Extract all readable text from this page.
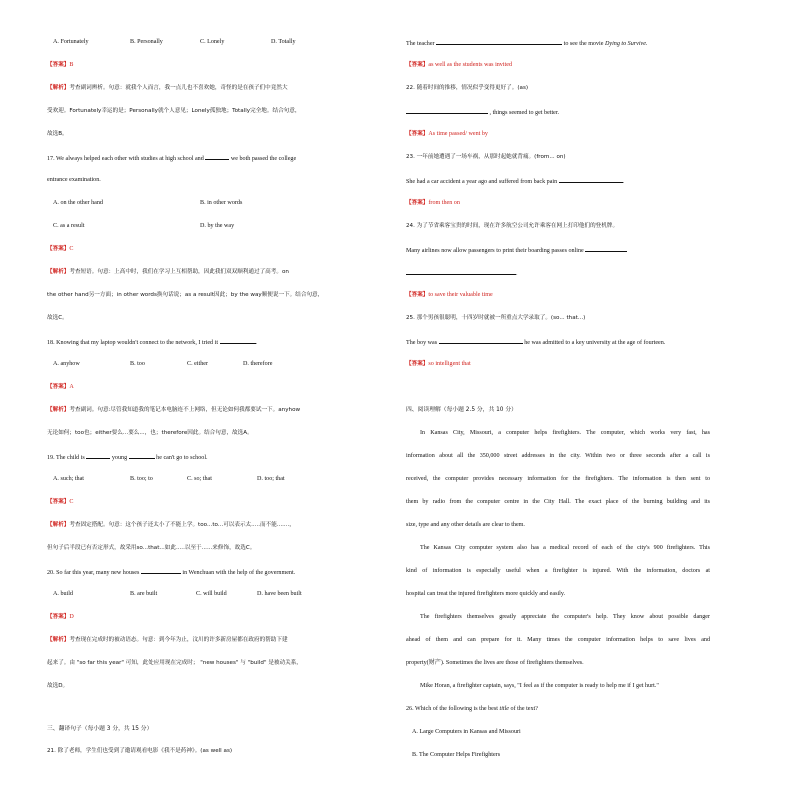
A. Fortunately	B. Personally	C. Lonely	D. Totally
【答案】B
【解析】考查副词辨析。句意：就我个人而言，我一点儿也不喜欢她，奇怪的是在孩子们中竟然大
受欢迎。Fortunately幸运的是；Personally就个人意见；Lonely孤独地；Totally完全地。结合句意，
故选B。
17. We always helped each other with studies at high school and	we both passed the college
entrance examination.
A. on the other hand	B. in other words
C. as a result	D. by the way
【答案】C
【解析】考查短语。句意：上高中时，我们在学习上互相帮助，因此我们双双顺利通过了高考。on
the other hand另一方面；in other words换句话说；as a result因此；by the way顺便说一下。结合句意，
故选C。
18. Knowing that my laptop wouldn't connect to the network, I tried it	.
A. anyhow	B. too	C. either	D. therefore
【答案】A
【解析】考查副词。句意:尽管我知道我的笔记本电脑连不上网络，但无论如何我都要试一下。anyhow
无论如何；too也；either要么...要么...，也；therefore因此。结合句意，故选A。
19. The child is	young	he can't go to school.
A. such; that	B. too; to	C. so; that	D. too; that
【答案】C
【解析】考查固定搭配。句意：这个孩子还太小了不能上学。too...to...可以表示太.....而不能.......，
但句子后半段已有否定形式，故采用so...that...如此.....以至于......来修饰，故选C。
20. So far this year, many new houses	in Wenchuan with the help of the government.
A. build	B. are built	C. will build	D. have been built
【答案】D
【解析】考查现在完成时的被动语态。句意：到今年为止，汶川的许多新房屋都在政府的帮助下建
起来了。由 "so far this year" 可知，此处应用现在完成时； "new houses" 与 "build" 是被动关系，
故选D。
三、翻译句子（每小题 3 分，共 15 分）
21. 除了老师，学生们也受到了邀请观看电影《我不是药神》。(as well as)
The teacher	to see the movie Dying to Survive.
【答案】as well as the students was invited
22. 随着时间的推移，情况似乎变得更好了。(as)
, things seemed to get better.
【答案】As time passed/ went by
23. 一年前她遭遇了一场车祸，从那时起她就背痛。(from... on)
She had a car accident a year ago and suffered from back pain	.
【答案】from then on
24. 为了节省乘客宝贵的时间，现在许多航空公司允许乘客在网上打印他们的登机牌。
Many airlines now allow passengers to print their boarding passes online
.
【答案】to save their valuable time
25. 那个男孩很聪明，十四岁时就被一所重点大学录取了。(so... that...)
The boy was	he was admitted to a key university at the age of fourteen.
【答案】so intelligent that
四、阅读理解（每小题 2.5 分，共 10 分）
In Kansas City, Missouri, a computer helps firefighters. The computer, which works very fast, has
information about all the 350,000 street addresses in the city. Within two or three seconds after a call is
received, the computer provides necessary information for the firefighters. The information is then sent to
them by radio from the computer centre in the City Hall. The exact place of the burning building and its
size, type and any other details are clear to them.
The Kansas City computer system also has a medical record of each of the city's 900 firefighters. This
kind of information is especially useful when a firefighter is injured. With the information, doctors at
hospital can treat the injured firefighters more quickly and easily.
The firefighters themselves greatly appreciate the computer's help. They know about possible danger
ahead of them and can prepare for it. Many times the computer information helps to save lives and
property(财产). Sometimes the lives are those of firefighters themselves.
Mike Horan, a firefighter captain, says, "I feel as if the computer is ready to help me if I get hurt."
26. Which of the following is the best title of the text?
A. Large Computers in Kansas and Missouri
B. The Computer Helps Firefighters
